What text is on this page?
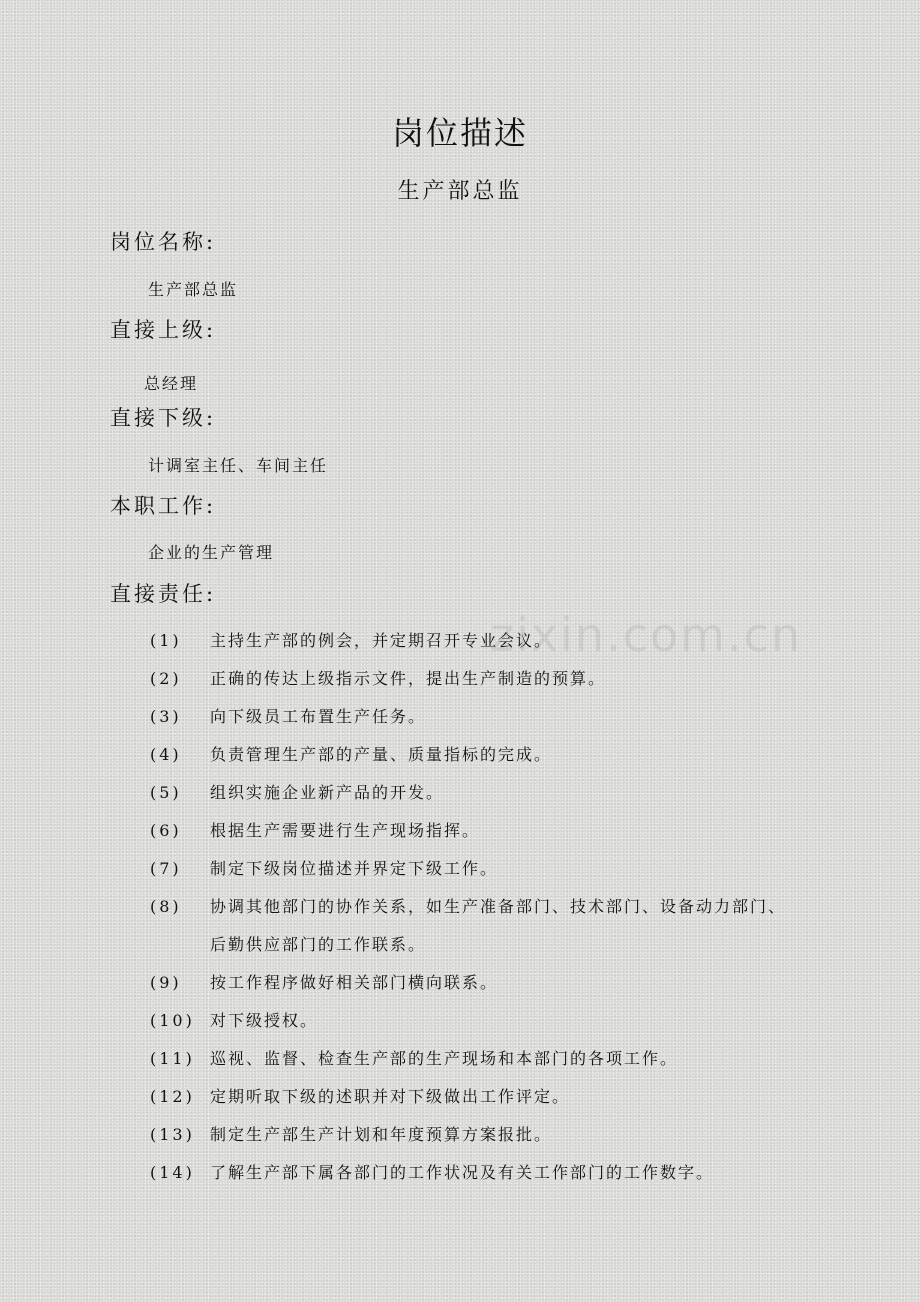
zixin.com.cn
岗位描述
生产部总监
岗位名称:
生产部总监
直接上级:
总经理
直接下级:
计调室主任、车间主任
本职工作:
企业的生产管理
直接责任:
(1) 主持生产部的例会，并定期召开专业会议。
(2) 正确的传达上级指示文件，提出生产制造的预算。
(3) 向下级员工布置生产任务。
(4) 负责管理生产部的产量、质量指标的完成。
(5) 组织实施企业新产品的开发。
(6) 根据生产需要进行生产现场指挥。
(7) 制定下级岗位描述并界定下级工作。
(8) 协调其他部门的协作关系，如生产准备部门、技术部门、设备动力部门、
后勤供应部门的工作联系。
(9) 按工作程序做好相关部门横向联系。
(10) 对下级授权。
(11) 巡视、监督、检查生产部的生产现场和本部门的各项工作。
(12) 定期听取下级的述职并对下级做出工作评定。
(13) 制定生产部生产计划和年度预算方案报批。
(14) 了解生产部下属各部门的工作状况及有关工作部门的工作数字。
